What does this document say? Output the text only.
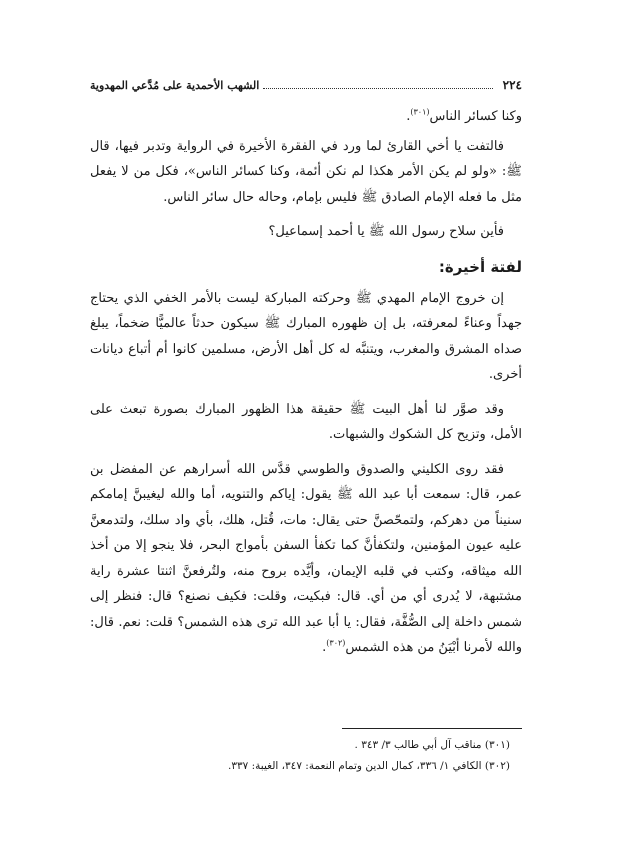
٢٢٤
الشهب الأحمدية على مُدَّعي المهدوية

وكنا كسائر الناس$^{(٣٠١)}$.

فالتفت يا أخي القارئ لما ورد في الفقرة الأخيرة في الرواية وتدبر فيها، قال ﷺ: «ولو لم يكن الأمر هكذا لم نكن أئمة، وكنا كسائر الناس»، فكل من لا يفعل مثل ما فعله الإمام الصادق ﷺ فليس بإمام، وحاله حال سائر الناس.

فأين سلاح رسول الله ﷺ يا أحمد إسماعيل؟

لفتة أخيرة:

إن خروج الإمام المهدي ﷺ وحركته المباركة ليست بالأمر الخفي الذي يحتاج جهداً وعناءً لمعرفته، بل إن ظهوره المبارك ﷺ سيكون حدثاً عالميًّا ضخماً، يبلغ صداه المشرق والمغرب، ويتنبَّه له كل أهل الأرض، مسلمين كانوا أم أتباع ديانات أخرى.

وقد صوَّر لنا أهل البيت ﷺ حقيقة هذا الظهور المبارك بصورة تبعث على الأمل، وتزيح كل الشكوك والشبهات.

فقد روى الكليني والصدوق والطوسي قدَّس الله أسرارهم عن المفضل بن عمر، قال: سمعت أبا عبد الله ﷺ يقول: إياكم والتنويه، أما والله ليغيبنَّ إمامكم سنيناً من دهركم، ولتمحّصنَّ حتى يقال: مات، قُتل، هلك، بأي واد سلك، ولتدمعنَّ عليه عيون المؤمنين، ولتكفأنَّ كما تكفأ السفن بأمواج البحر، فلا ينجو إلا من أخذ الله ميثاقه، وكتب في قلبه الإيمان، وأيَّده بروح منه، ولتُرفعنَّ اثنتا عشرة راية مشتبهة، لا يُدرى أي من أي. قال: فبكيت، وقلت: فكيف نصنع؟ قال: فنظر إلى شمس داخلة إلى الصُّفَّة، فقال: يا أبا عبد الله ترى هذه الشمس؟ قلت: نعم. قال: والله لأمرنا أبْيَنُ من هذه الشمس$^{(٣٠٢)}$.

(٣٠١) مناقب آل أبي طالب ٣/ ٣٤٣ .

(٣٠٢) الكافي ١/ ٣٣٦، كمال الدين وتمام النعمة: ٣٤٧، الغيبة: ٣٣٧.
